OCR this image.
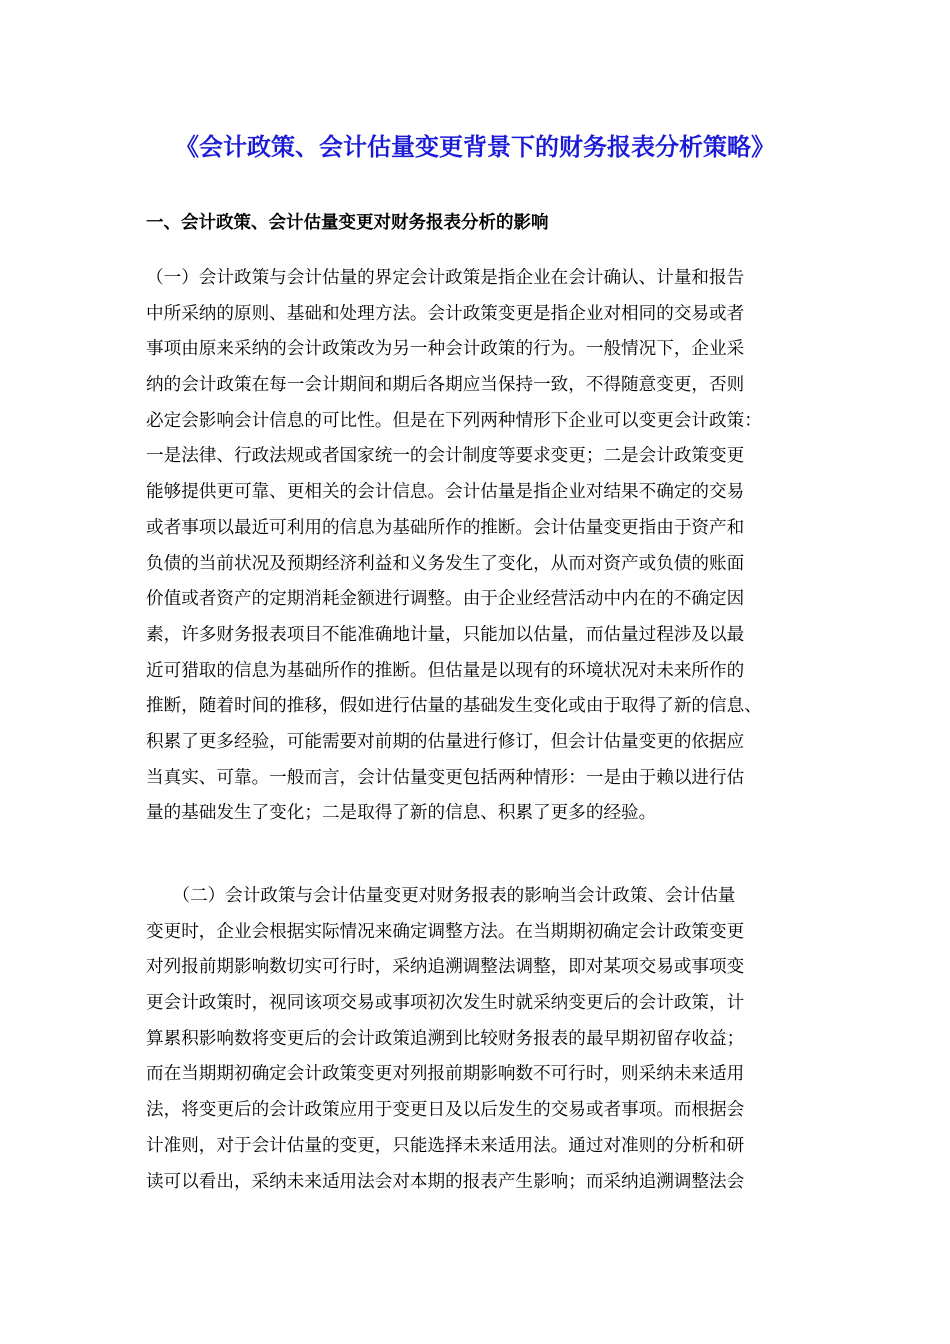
《会计政策、会计估量变更背景下的财务报表分析策略》
一、会计政策、会计估量变更对财务报表分析的影响
（一）会计政策与会计估量的界定会计政策是指企业在会计确认、计量和报告
中所采纳的原则、基础和处理方法。会计政策变更是指企业对相同的交易或者
事项由原来采纳的会计政策改为另一种会计政策的行为。一般情况下，企业采
纳的会计政策在每一会计期间和期后各期应当保持一致，不得随意变更，否则
必定会影响会计信息的可比性。但是在下列两种情形下企业可以变更会计政策：
一是法律、行政法规或者国家统一的会计制度等要求变更；二是会计政策变更
能够提供更可靠、更相关的会计信息。会计估量是指企业对结果不确定的交易
或者事项以最近可利用的信息为基础所作的推断。会计估量变更指由于资产和
负债的当前状况及预期经济利益和义务发生了变化，从而对资产或负债的账面
价值或者资产的定期消耗金额进行调整。由于企业经营活动中内在的不确定因
素，许多财务报表项目不能准确地计量，只能加以估量，而估量过程涉及以最
近可猎取的信息为基础所作的推断。但估量是以现有的环境状况对未来所作的
推断，随着时间的推移，假如进行估量的基础发生变化或由于取得了新的信息、
积累了更多经验，可能需要对前期的估量进行修订，但会计估量变更的依据应
当真实、可靠。一般而言，会计估量变更包括两种情形：一是由于赖以进行估
量的基础发生了变化；二是取得了新的信息、积累了更多的经验。
　　（二）会计政策与会计估量变更对财务报表的影响当会计政策、会计估量
变更时，企业会根据实际情况来确定调整方法。在当期期初确定会计政策变更
对列报前期影响数切实可行时，采纳追溯调整法调整，即对某项交易或事项变
更会计政策时，视同该项交易或事项初次发生时就采纳变更后的会计政策，计
算累积影响数将变更后的会计政策追溯到比较财务报表的最早期初留存收益；
而在当期期初确定会计政策变更对列报前期影响数不可行时，则采纳未来适用
法，将变更后的会计政策应用于变更日及以后发生的交易或者事项。而根据会
计准则，对于会计估量的变更，只能选择未来适用法。通过对准则的分析和研
读可以看出，采纳未来适用法会对本期的报表产生影响；而采纳追溯调整法会
